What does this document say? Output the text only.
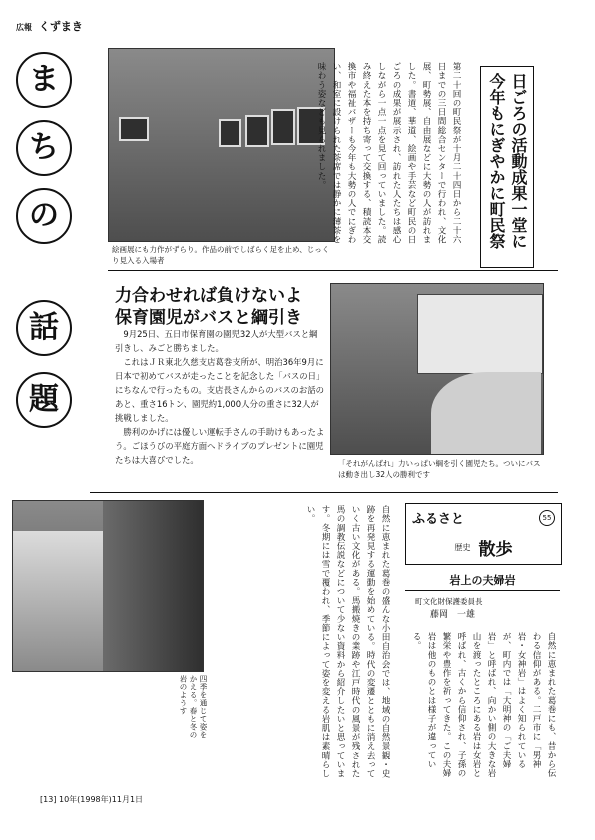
広報 くずまき
ま
ち
の
話
題
絵画展にも力作がずらり。作品の前でしばらく足を止め、じっくり見入る入場者
第二十回の町民祭が十月二十四日から二十六日までの三日間総合センターで行われ、文化展、町勢展、自由展などに大勢の人が訪れました。書道、華道、絵画や手芸など町民の日ごろの成果が展示され、訪れた人たちは感心しながら一点一点を見て回っていました。読み終えた本を持ち寄って交換する、積読本交換市や福祉バザーも今年も大勢の人でにぎわい、和室に設けられた茶席では静かに薄茶を味わう姿なども見られました。	日ごろの活動成果一堂に今年もにぎやかに町民祭
力合わせれば負けないよ
保育園児がバスと綱引き

9月25日、五日市保育園の園児32人が大型バスと綱引きし、みごと勝ちました。

これはＪＲ東北久慈支店葛巻支所が、明治36年9月に日本で初めてバスが走ったことを記念した「バスの日」にちなんで行ったもの。支店長さんからのバスのお話のあと、重さ16トン、園児約1,000人分の重さに32人が挑戦しました。

勝利のかげには優しい運転手さんの手助けもあったよう。ごほうびの平庭方面へドライブのプレゼントに園児たちは大喜びでした。	「それがんばれ」力いっぱい綱を引く園児たち。ついにバスは動き出し32人の勝利です
四季を通じて姿をかえる。春と冬の岩のようす	自然に恵まれた葛巻の盛んな小田自治会では、地域の自然景観・史跡を再発見する運動を始めている。時代の変遷とともに消え去っていく古い文化がある。馬搬焼きの業跡や江戸時代の風景が残された馬の調教伝説などについて少ない資料から紹介したいと思っています。冬期には雪で覆われ、季節によって姿を変える岩肌は素晴らしい。	ふるさと	55
歴史 散歩
岩上の夫婦岩
町文化財保護委員長
藤岡　一雄
自然に恵まれた葛巻にも、昔から伝わる信仰がある。二戸市に「男神岩・女神岩」はよく知られているが、町内では「大明神の「ご夫婦岩」と呼ばれ、向かい側の大きな岩山を渡ったところにある岩は女岩と呼ばれ、古くから信仰され、子孫の繁栄や豊作を祈ってきた。この夫婦岩は他のものとは様子が違っている。
[13] 10年(1998年)11月1日
